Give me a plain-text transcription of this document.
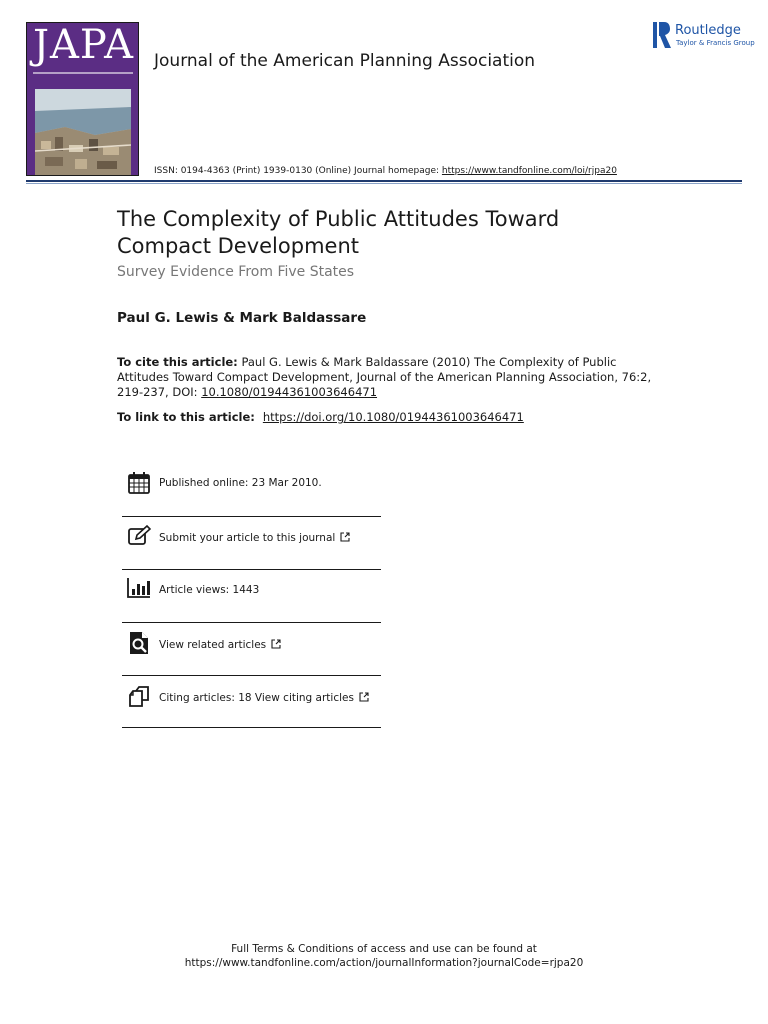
JAPA	Journal of the American Planning Association
Routledge
Taylor & Francis Group
ISSN: 0194-4363 (Print) 1939-0130 (Online) Journal homepage: https://www.tandfonline.com/loi/rjpa20
The Complexity of Public Attitudes Toward
Compact Development
Survey Evidence From Five States
Paul G. Lewis & Mark Baldassare
To cite this article: Paul G. Lewis & Mark Baldassare (2010) The Complexity of Public Attitudes Toward Compact Development, Journal of the American Planning Association, 76:2, 219-237, DOI: 10.1080/01944361003646471
To link to this article: https://doi.org/10.1080/01944361003646471
Published online: 23 Mar 2010.
Submit your article to this journal
Article views: 1443
View related articles
Citing articles: 18 View citing articles
Full Terms & Conditions of access and use can be found at
https://www.tandfonline.com/action/journalInformation?journalCode=rjpa20
